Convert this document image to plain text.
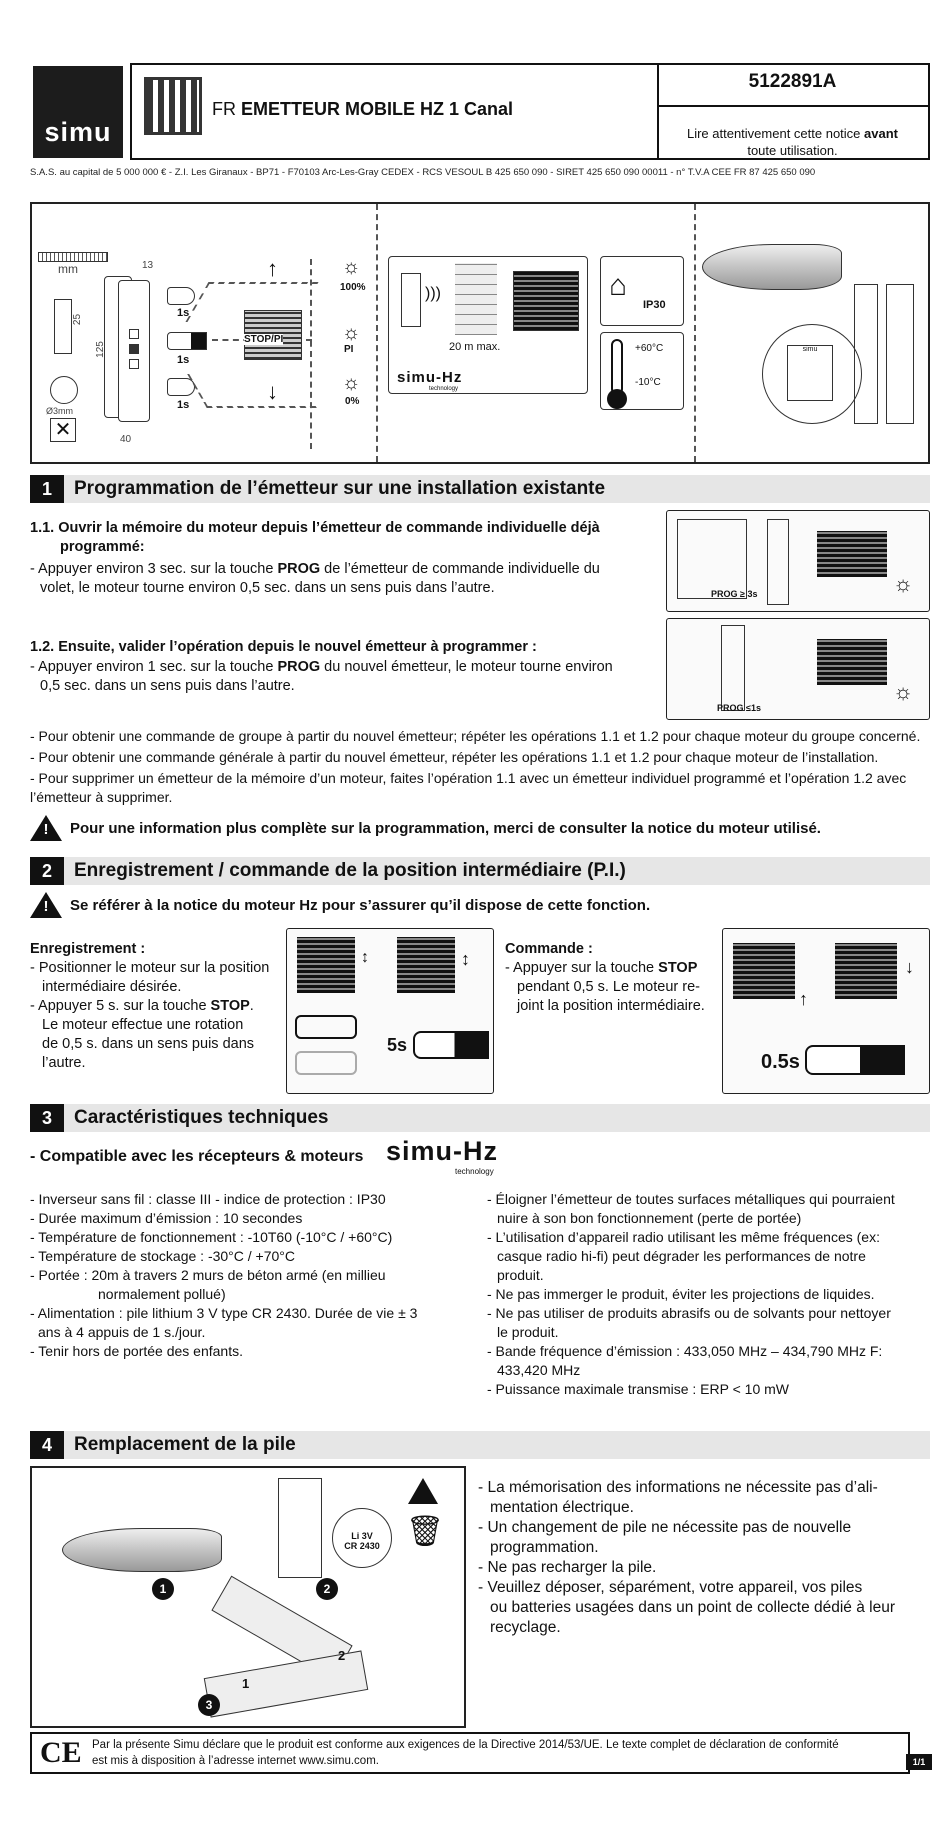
simu
FR EMETTEUR MOBILE HZ 1 Canal
5122891A
Lire attentivement cette notice avant
toute utilisation.
S.A.S. au capital de 5 000 000 € - Z.I. Les Giranaux - BP71 - F70103 Arc-Les-Gray CEDEX - RCS VESOUL B 425 650 090 - SIRET 425 650 090 00011 - n° T.V.A CEE FR 87 425 650 090
mm	13
25
125
40
Ø3mm
✕
1s
1s
1s
STOP/PI
↑
↓
☼
100%
☼
PI
☼
0%
)))
20 m max.
simu-Hz
technology
⌂
IP30
+60°C
-10°C
simu
1	Programmation de l’émetteur sur une installation existante
1.1. Ouvrir la mémoire du moteur depuis l’émetteur de commande individuelle déjà
programmé:
- Appuyer environ 3 sec. sur la touche PROG de l’émetteur de commande individuelle du
volet, le moteur tourne environ 0,5 sec. dans un sens puis dans l’autre.	☼
PROG ≥ 3s
1.2. Ensuite, valider l’opération depuis le nouvel émetteur à programmer :
- Appuyer environ 1 sec. sur la touche PROG du nouvel émetteur, le moteur tourne environ
0,5 sec. dans un sens puis dans l’autre.	☼
PROG ≤1s
- Pour obtenir une commande de groupe à partir du nouvel émetteur; répéter les opérations 1.1 et 1.2 pour chaque moteur du groupe concerné.
- Pour obtenir une commande générale à partir du nouvel émetteur, répéter les opérations 1.1 et 1.2 pour chaque moteur de l’installation.
- Pour supprimer un émetteur de la mémoire d’un moteur, faites l’opération 1.1 avec un émetteur individuel programmé et l’opération 1.2 avec
l’émetteur à supprimer.
!
Pour une information plus complète sur la programmation, merci de consulter la notice du moteur utilisé.
2	Enregistrement / commande de la position intermédiaire (P.I.)
!
Se référer à la notice du moteur Hz pour s’assurer qu’il dispose de cette fonction.
Enregistrement :
- Positionner le moteur sur la position
intermédiaire désirée.
- Appuyer 5 s. sur la touche STOP.
Le moteur effectue une rotation
de 0,5 s. dans un sens puis dans
l’autre.
↕	↕
5s
Commande :
- Appuyer sur la touche STOP
pendant 0,5 s. Le moteur re-
joint la position intermédiaire.	↑
↓
0.5s
3	Caractéristiques techniques
- Compatible avec les récepteurs & moteurs simu-Hz
technology
- Inverseur sans fil : classe III - indice de protection : IP30
- Durée maximum d’émission : 10 secondes
- Température de fonctionnement : -10T60 (-10°C / +60°C)
- Température de stockage : -30°C / +70°C
- Portée : 20m à travers 2 murs de béton armé (en millieu
normalement pollué)
- Alimentation : pile lithium 3 V type CR 2430. Durée de vie ± 3
ans à 4 appuis de 1 s./jour.
- Tenir hors de portée des enfants.
- Éloigner l’émetteur de toutes surfaces métalliques qui pourraient
nuire à son bon fonctionnement (perte de portée)
- L’utilisation d’appareil radio utilisant les même fréquences (ex:
casque radio hi-fi) peut dégrader les performances de notre
produit.
- Ne pas immerger le produit, éviter les projections de liquides.
- Ne pas utiliser de produits abrasifs ou de solvants pour nettoyer
le produit.
- Bande fréquence d’émission : 433,050 MHz – 434,790 MHz F:
433,420 MHz
- Puissance maximale transmise : ERP < 10 mW
4	Remplacement de la pile
1
Li 3V
CR 2430 🗑
2
1
2
3
- La mémorisation des informations ne nécessite pas d’ali-
mentation électrique.
- Un changement de pile ne nécessite pas de nouvelle
programmation.
- Ne pas recharger la pile.
- Veuillez déposer, séparément, votre appareil, vos piles
ou batteries usagées dans un point de collecte dédié à leur
recyclage.
CE Par la présente Simu déclare que le produit est conforme aux exigences de la Directive 2014/53/UE. Le texte complet de déclaration de conformité
est mis à disposition à l’adresse internet www.simu.com.	1/1
